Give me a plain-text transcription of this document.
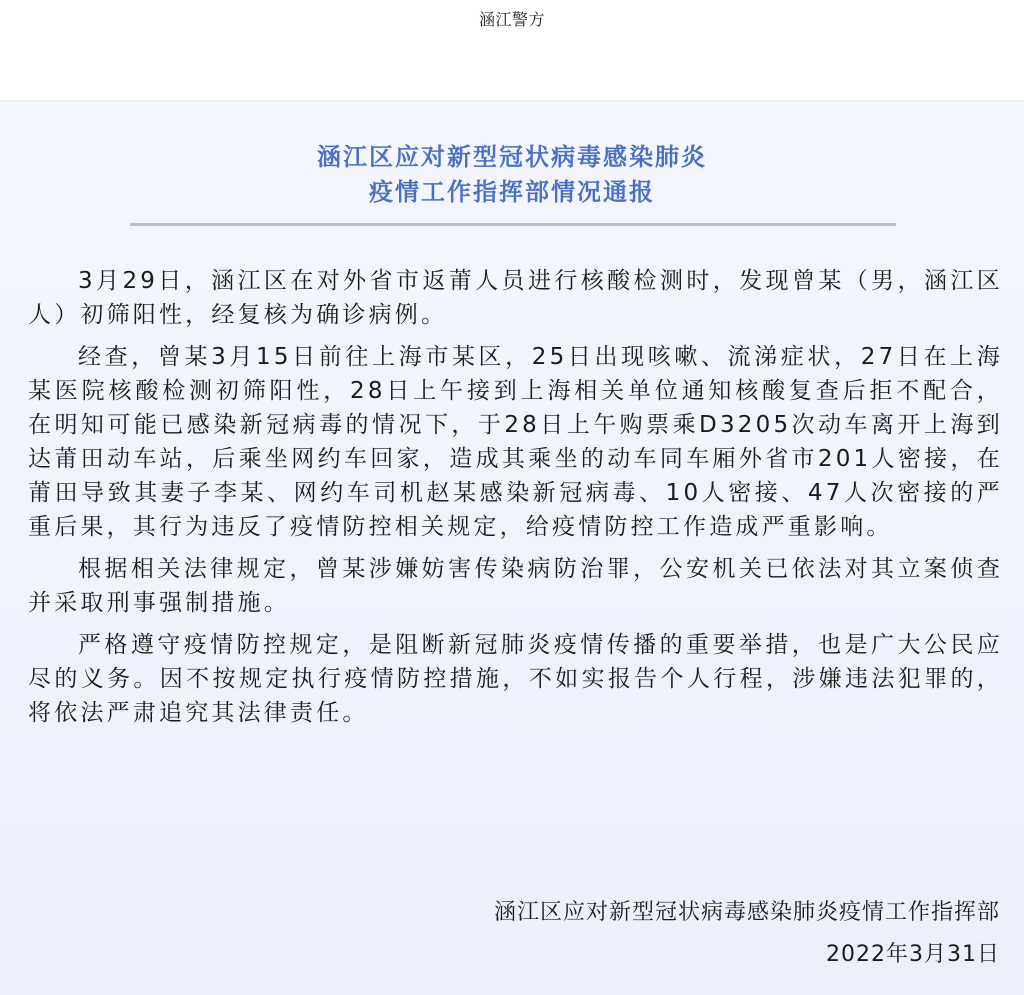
涵江警方
涵江区应对新型冠状病毒感染肺炎
疫情工作指挥部情况通报

3月29日，涵江区在对外省市返莆人员进行核酸检测时，发现曾某（男，涵江区人）初筛阳性，经复核为确诊病例。

经查，曾某3月15日前往上海市某区，25日出现咳嗽、流涕症状，27日在上海某医院核酸检测初筛阳性，28日上午接到上海相关单位通知核酸复查后拒不配合，在明知可能已感染新冠病毒的情况下，于28日上午购票乘D3205次动车离开上海到达莆田动车站，后乘坐网约车回家，造成其乘坐的动车同车厢外省市201人密接，在莆田导致其妻子李某、网约车司机赵某感染新冠病毒、10人密接、47人次密接的严重后果，其行为违反了疫情防控相关规定，给疫情防控工作造成严重影响。

根据相关法律规定，曾某涉嫌妨害传染病防治罪，公安机关已依法对其立案侦查并采取刑事强制措施。

严格遵守疫情防控规定，是阻断新冠肺炎疫情传播的重要举措，也是广大公民应尽的义务。因不按规定执行疫情防控措施，不如实报告个人行程，涉嫌违法犯罪的，将依法严肃追究其法律责任。

涵江区应对新型冠状病毒感染肺炎疫情工作指挥部
2022年3月31日
